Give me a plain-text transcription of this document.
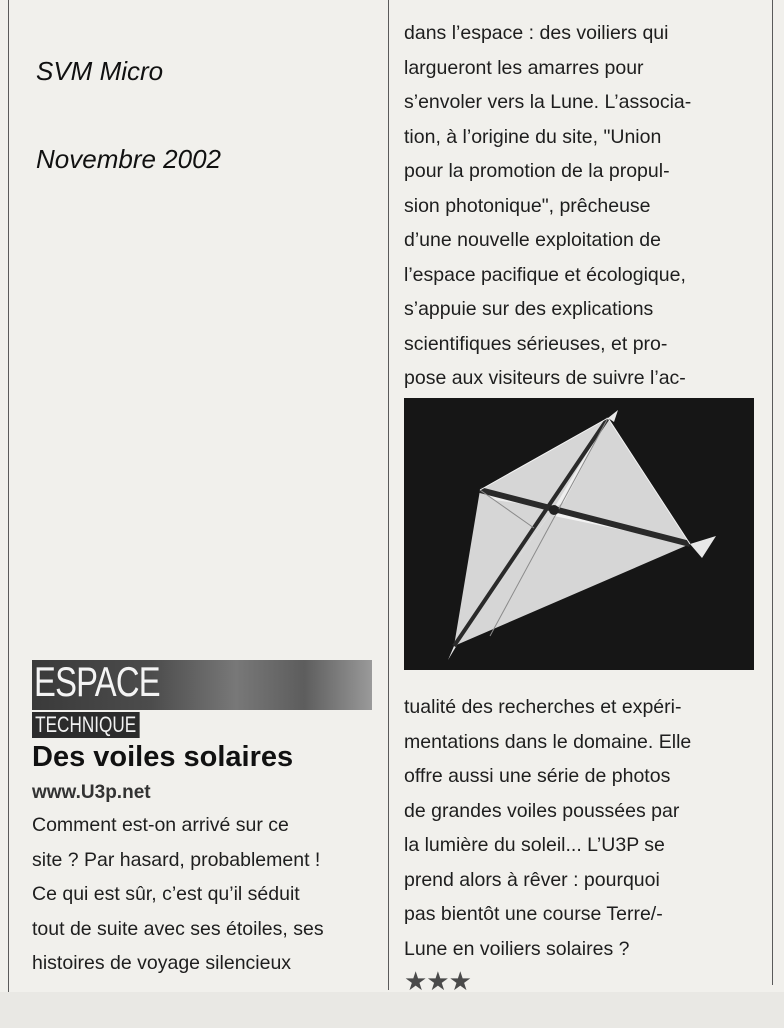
SVM Micro
Novembre 2002
ESPACE
TECHNIQUE
Des voiles solaires
www.U3p.net
Comment est-on arrivé sur ce
site ? Par hasard, probablement !
Ce qui est sûr, c’est qu’il séduit
tout de suite avec ses étoiles, ses
histoires de voyage silencieux
dans l’espace : des voiliers qui
largueront les amarres pour
s’envoler vers la Lune. L’associa-
tion, à l’origine du site, "Union
pour la promotion de la propul-
sion photonique", prêcheuse
d’une nouvelle exploitation de
l’espace pacifique et écologique,
s’appuie sur des explications
scientifiques sérieuses, et pro-
pose aux visiteurs de suivre l’ac-
tualité des recherches et expéri-
mentations dans le domaine. Elle
offre aussi une série de photos
de grandes voiles poussées par
la lumière du soleil... L’U3P se
prend alors à rêver : pourquoi
pas bientôt une course Terre/-
Lune en voiliers solaires ?
★★★
